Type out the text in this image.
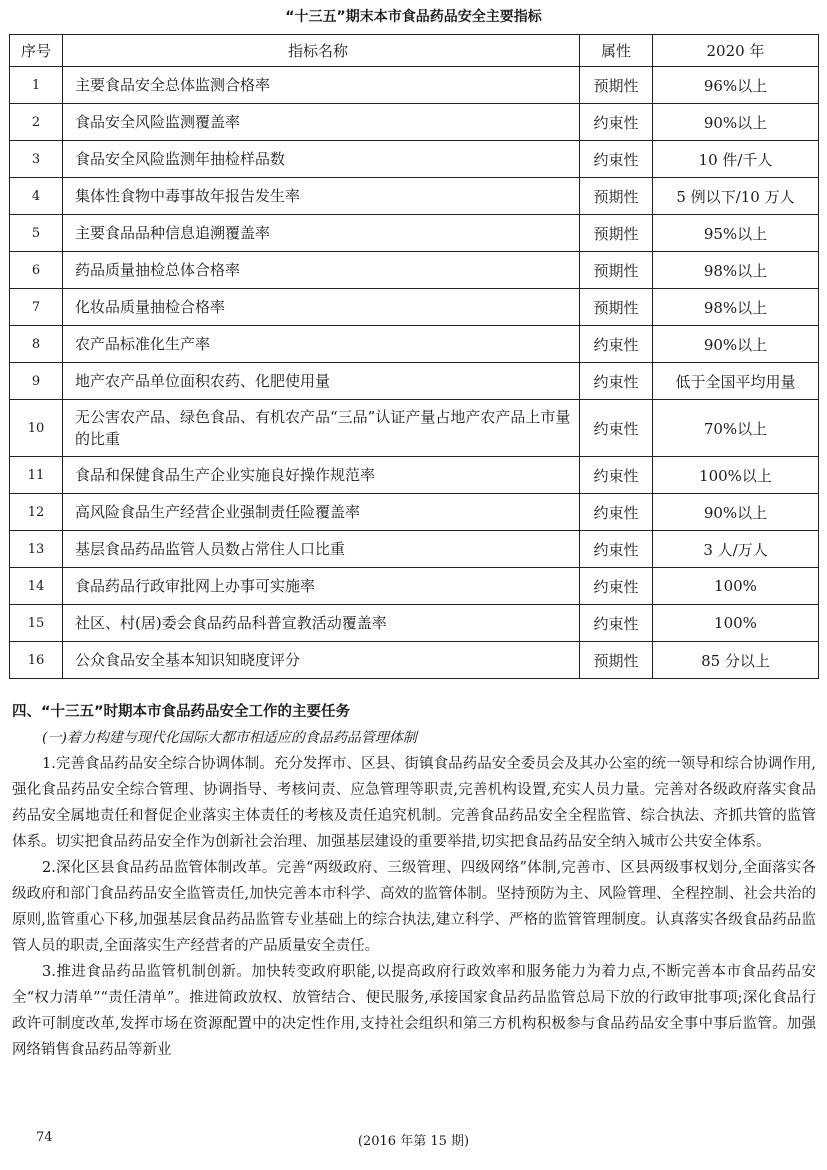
“十三五”期末本市食品药品安全主要指标
序号	指标名称	属性	2020 年
1	主要食品安全总体监测合格率	预期性	96%以上
2	食品安全风险监测覆盖率	约束性	90%以上
3	食品安全风险监测年抽检样品数	约束性	10 件/千人
4	集体性食物中毒事故年报告发生率	预期性	5 例以下/10 万人
5	主要食品品种信息追溯覆盖率	预期性	95%以上
6	药品质量抽检总体合格率	预期性	98%以上
7	化妆品质量抽检合格率	预期性	98%以上
8	农产品标准化生产率	约束性	90%以上
9	地产农产品单位面积农药、化肥使用量	约束性	低于全国平均用量
10	无公害农产品、绿色食品、有机农产品“三品”认证产量占地产农产品上市量的比重	约束性	70%以上
11	食品和保健食品生产企业实施良好操作规范率	约束性	100%以上
12	高风险食品生产经营企业强制责任险覆盖率	约束性	90%以上
13	基层食品药品监管人员数占常住人口比重	约束性	3 人/万人
14	食品药品行政审批网上办事可实施率	约束性	100%
15	社区、村(居)委会食品药品科普宣教活动覆盖率	约束性	100%
16	公众食品安全基本知识知晓度评分	预期性	85 分以上

四、“十三五”时期本市食品药品安全工作的主要任务

(一)着力构建与现代化国际大都市相适应的食品药品管理体制

1.完善食品药品安全综合协调体制。充分发挥市、区县、街镇食品药品安全委员会及其办公室的统一领导和综合协调作用,强化食品药品安全综合管理、协调指导、考核问责、应急管理等职责,完善机构设置,充实人员力量。完善对各级政府落实食品药品安全属地责任和督促企业落实主体责任的考核及责任追究机制。完善食品药品安全全程监管、综合执法、齐抓共管的监管体系。切实把食品药品安全作为创新社会治理、加强基层建设的重要举措,切实把食品药品安全纳入城市公共安全体系。

2.深化区县食品药品监管体制改革。完善“两级政府、三级管理、四级网络”体制,完善市、区县两级事权划分,全面落实各级政府和部门食品药品安全监管责任,加快完善本市科学、高效的监管体制。坚持预防为主、风险管理、全程控制、社会共治的原则,监管重心下移,加强基层食品药品监管专业基础上的综合执法,建立科学、严格的监管管理制度。认真落实各级食品药品监管人员的职责,全面落实生产经营者的产品质量安全责任。

3.推进食品药品监管机制创新。加快转变政府职能,以提高政府行政效率和服务能力为着力点,不断完善本市食品药品安全“权力清单”“责任清单”。推进简政放权、放管结合、便民服务,承接国家食品药品监管总局下放的行政审批事项;深化食品行政许可制度改革,发挥市场在资源配置中的决定性作用,支持社会组织和第三方机构积极参与食品药品安全事中事后监管。加强网络销售食品药品等新业

74	(2016 年第 15 期)
